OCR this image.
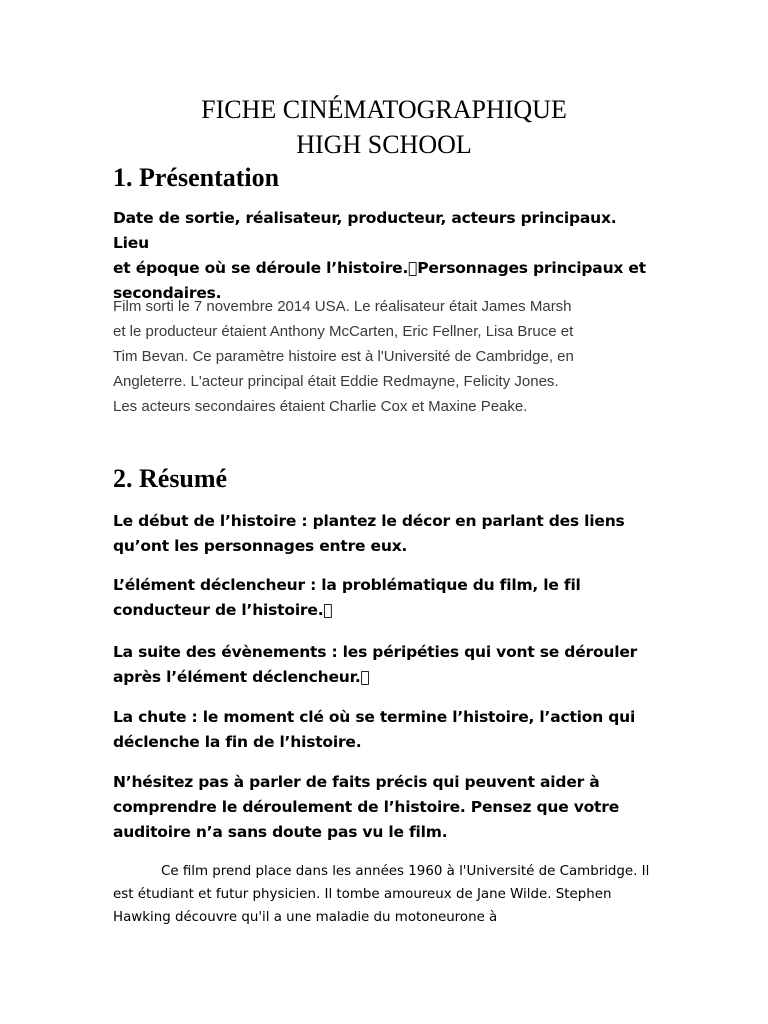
FICHE CINÉMATOGRAPHIQUE

HIGH SCHOOL

1. Présentation
Date de sortie, réalisateur, producteur, acteurs principaux. Lieu
et époque où se déroule l’histoire. Personnages principaux et
secondaires.
Film sorti le 7 novembre 2014 USA. Le réalisateur était James Marsh
et le producteur étaient Anthony McCarten, Eric Fellner, Lisa Bruce et
Tim Bevan. Ce paramètre histoire est à l'Université de Cambridge, en
Angleterre. L'acteur principal était Eddie Redmayne, Felicity Jones.
Les acteurs secondaires étaient Charlie Cox et Maxine Peake.
2. Résumé
Le début de l’histoire : plantez le décor en parlant des liens
qu’ont les personnages entre eux.
L’élément déclencheur : la problématique du film, le fil
conducteur de l’histoire. 
La suite des évènements : les péripéties qui vont se dérouler
après l’élément déclencheur. 
La chute : le moment clé où se termine l’histoire, l’action qui
déclenche la fin de l’histoire.
N’hésitez pas à parler de faits précis qui peuvent aider à
comprendre le déroulement de l’histoire. Pensez que votre
auditoire n’a sans doute pas vu le film.
Ce film prend place dans les années 1960 à l'Université de Cambridge. Il est étudiant et futur physicien. Il tombe amoureux de Jane Wilde. Stephen Hawking découvre qu'il a une maladie du motoneurone à
